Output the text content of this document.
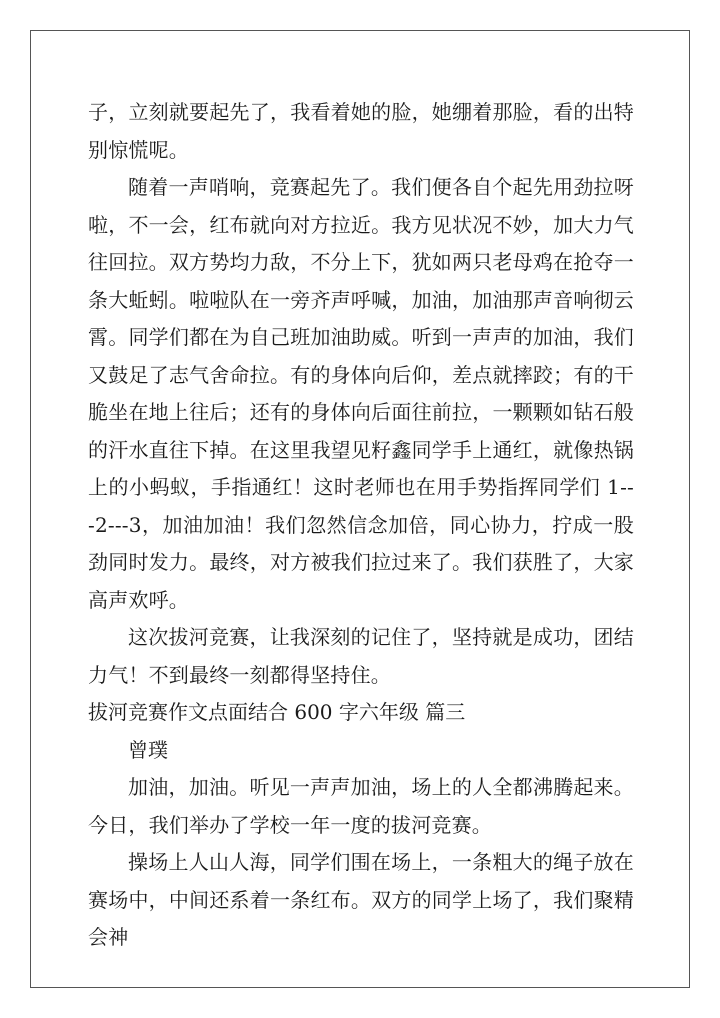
子，立刻就要起先了，我看着她的脸，她绷着那脸，看的出特别惊慌呢。

随着一声哨响，竞赛起先了。我们便各自个起先用劲拉呀啦，不一会，红布就向对方拉近。我方见状况不妙，加大力气往回拉。双方势均力敌，不分上下，犹如两只老母鸡在抢夺一条大蚯蚓。啦啦队在一旁齐声呼喊，加油，加油那声音响彻云霄。同学们都在为自己班加油助威。听到一声声的加油，我们又鼓足了志气舍命拉。有的身体向后仰，差点就摔跤；有的干脆坐在地上往后；还有的身体向后面往前拉，一颗颗如钻石般的汗水直往下掉。在这里我望见籽鑫同学手上通红，就像热锅上的小蚂蚁，手指通红！这时老师也在用手势指挥同学们 1---2---3，加油加油！我们忽然信念加倍，同心协力，拧成一股劲同时发力。最终，对方被我们拉过来了。我们获胜了，大家高声欢呼。

这次拔河竞赛，让我深刻的记住了，坚持就是成功，团结力气！不到最终一刻都得坚持住。

拔河竞赛作文点面结合 600 字六年级 篇三

曾璞

加油，加油。听见一声声加油，场上的人全都沸腾起来。今日，我们举办了学校一年一度的拔河竞赛。

操场上人山人海，同学们围在场上，一条粗大的绳子放在赛场中，中间还系着一条红布。双方的同学上场了，我们聚精会神
